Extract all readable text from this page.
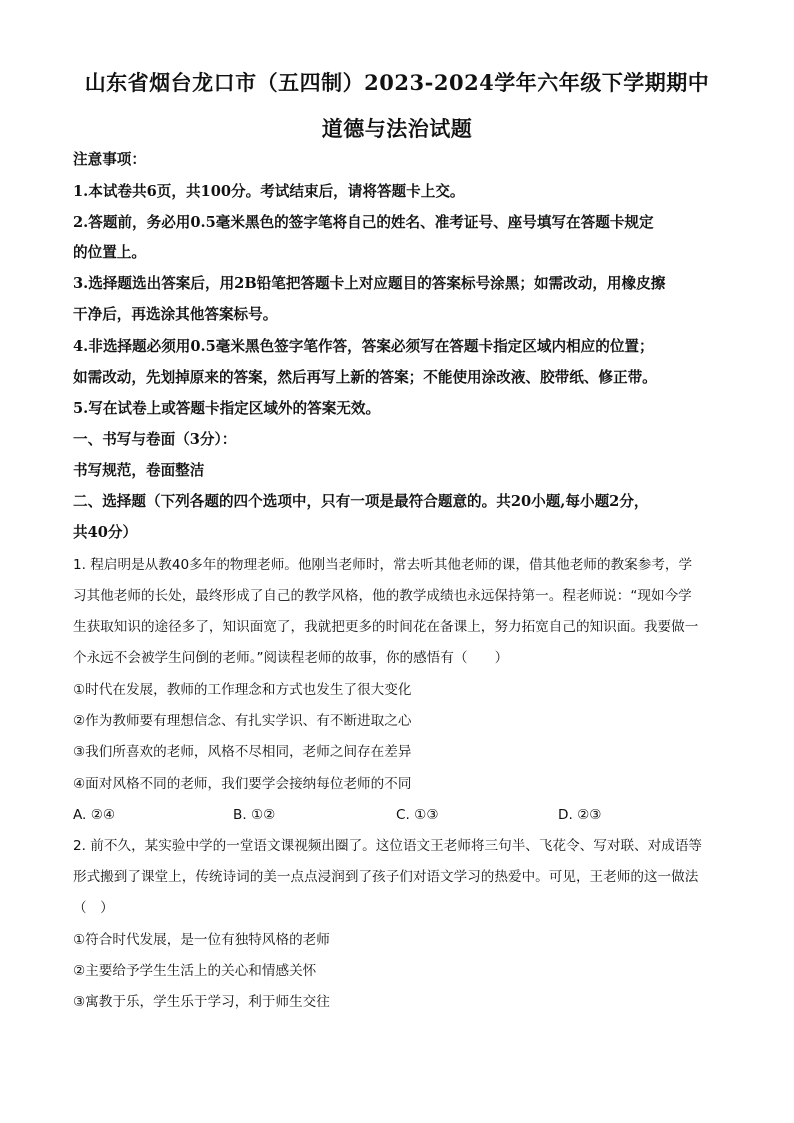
山东省烟台龙口市（五四制）2023-2024学年六年级下学期期中
道德与法治试题
注意事项：
1.本试卷共6页，共100分。考试结束后，请将答题卡上交。
2.答题前，务必用0.5毫米黑色的签字笔将自己的姓名、准考证号、座号填写在答题卡规定
的位置上。
3.选择题选出答案后，用2B铅笔把答题卡上对应题目的答案标号涂黑；如需改动，用橡皮擦
干净后，再选涂其他答案标号。
4.非选择题必须用0.5毫米黑色签字笔作答，答案必须写在答题卡指定区域内相应的位置；
如需改动，先划掉原来的答案，然后再写上新的答案；不能使用涂改液、胶带纸、修正带。
5.写在试卷上或答题卡指定区域外的答案无效。
一、书写与卷面（3分）：
书写规范，卷面整洁
二、选择题（下列各题的四个选项中，只有一项是最符合题意的。共20小题,每小题2分，
共40分）
1. 程启明是从教40多年的物理老师。他刚当老师时，常去听其他老师的课，借其他老师的教案参考，学
习其他老师的长处，最终形成了自己的教学风格，他的教学成绩也永远保持第一。程老师说：“现如今学
生获取知识的途径多了，知识面宽了，我就把更多的时间花在备课上，努力拓宽自己的知识面。我要做一
个永远不会被学生问倒的老师。”阅读程老师的故事，你的感悟有（　　）
①时代在发展，教师的工作理念和方式也发生了很大变化
②作为教师要有理想信念、有扎实学识、有不断进取之心
③我们所喜欢的老师，风格不尽相同，老师之间存在差异
④面对风格不同的老师，我们要学会接纳每位老师的不同
A. ②④	B. ①②	C. ①③	D. ②③
2. 前不久，某实验中学的一堂语文课视频出圈了。这位语文王老师将三句半、飞花令、写对联、对成语等
形式搬到了课堂上，传统诗词的美一点点浸润到了孩子们对语文学习的热爱中。可见，王老师的这一做法
（　）
①符合时代发展，是一位有独特风格的老师
②主要给予学生生活上的关心和情感关怀
③寓教于乐，学生乐于学习，利于师生交往
